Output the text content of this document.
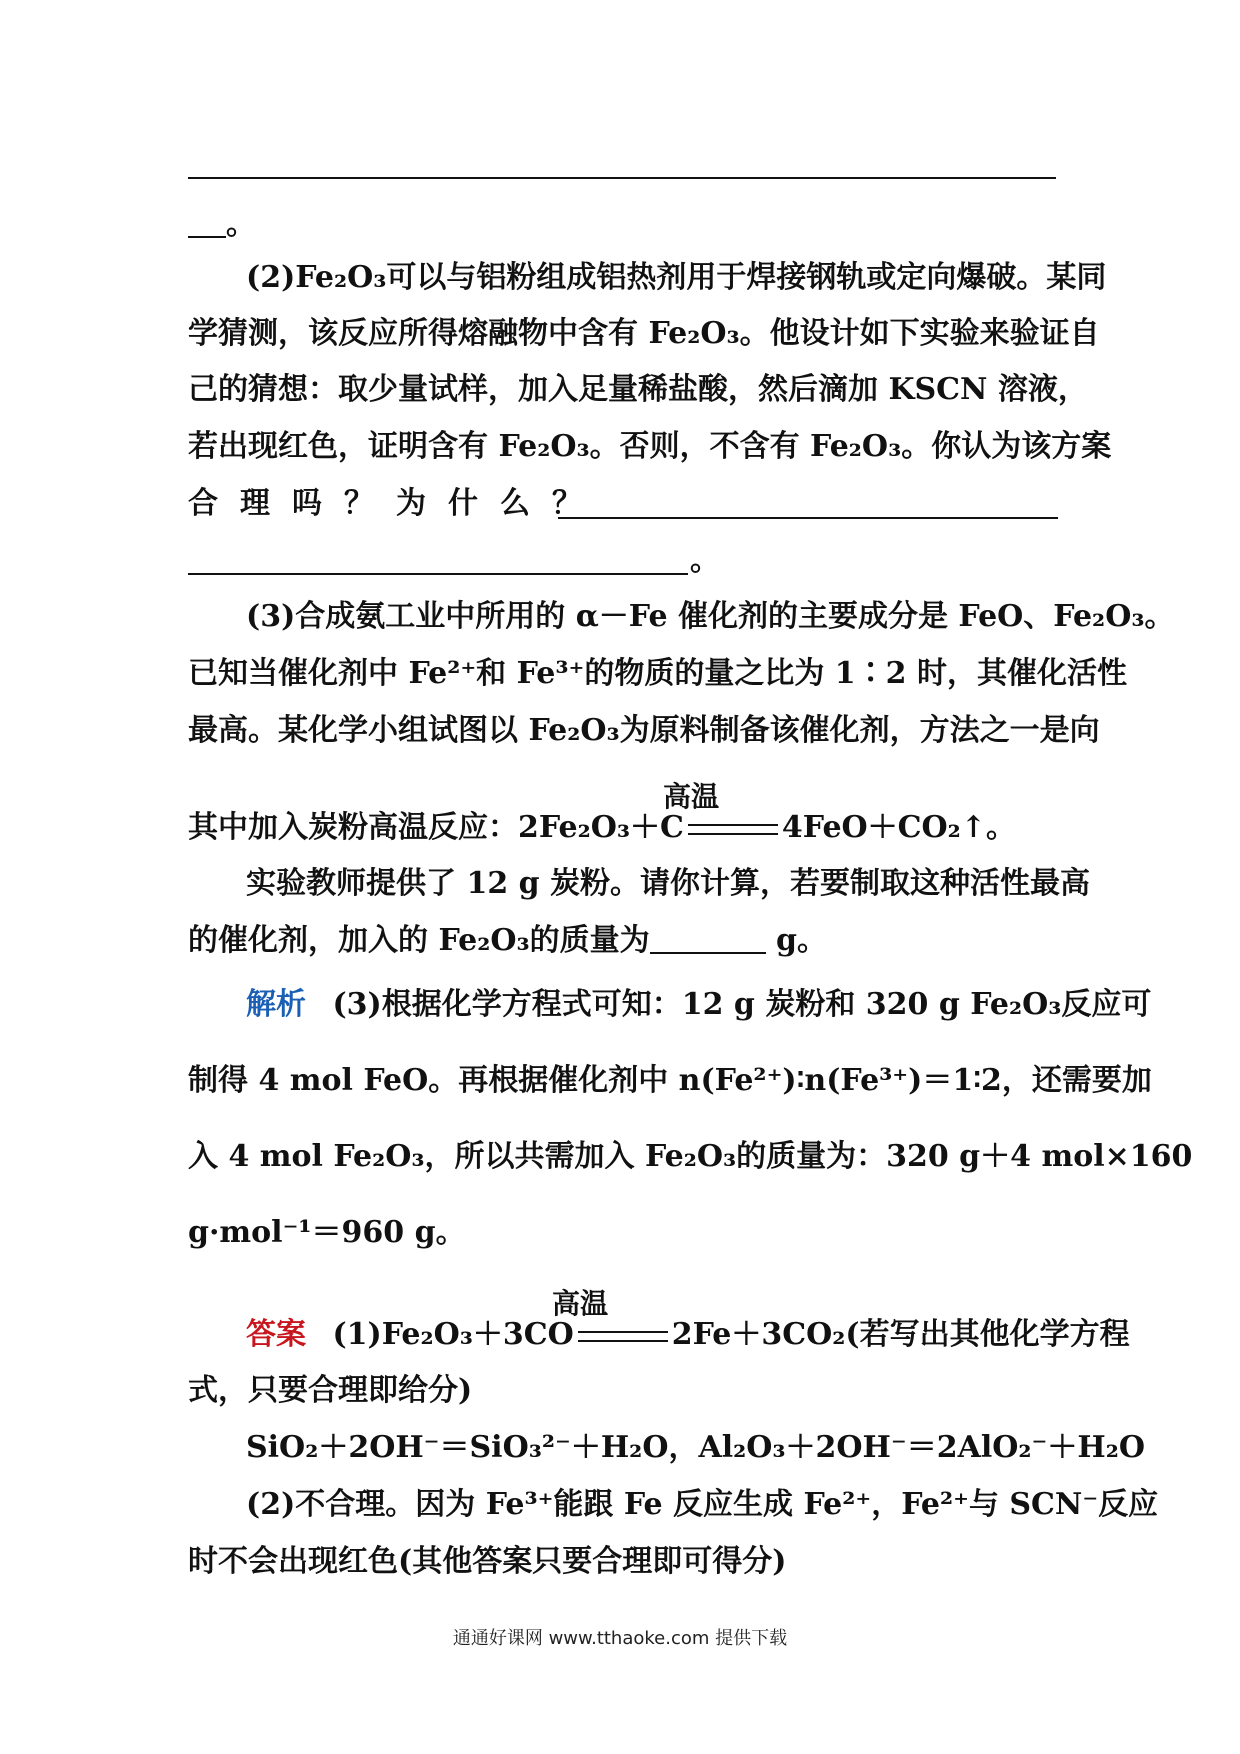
。
(2)Fe₂O₃可以与铝粉组成铝热剂用于焊接钢轨或定向爆破。某同
学猜测，该反应所得熔融物中含有 Fe₂O₃。他设计如下实验来验证自
己的猜想：取少量试样，加入足量稀盐酸，然后滴加 KSCN 溶液，
若出现红色，证明含有 Fe₂O₃。否则，不含有 Fe₂O₃。你认为该方案
合理吗？为什么？
。
(3)合成氨工业中所用的 α－Fe 催化剂的主要成分是 FeO、Fe₂O₃。
已知当催化剂中 Fe²⁺和 Fe³⁺的物质的量之比为 1∶2 时，其催化活性
最高。某化学小组试图以 Fe₂O₃为原料制备该催化剂，方法之一是向
高温
其中加入炭粉高温反应：2Fe₂O₃＋C	4FeO＋CO₂↑。
实验教师提供了 12 g 炭粉。请你计算，若要制取这种活性最高
的催化剂，加入的 Fe₂O₃的质量为	g。
解析 (3)根据化学方程式可知：12 g 炭粉和 320 g Fe₂O₃反应可
制得 4 mol FeO。再根据催化剂中 n(Fe²⁺)∶n(Fe³⁺)＝1∶2，还需要加
入 4 mol Fe₂O₃，所以共需加入 Fe₂O₃的质量为：320 g＋4 mol×160
g·mol⁻¹＝960 g。
高温
答案 (1)Fe₂O₃＋3CO	2Fe＋3CO₂(若写出其他化学方程
式，只要合理即给分)
SiO₂＋2OH⁻＝SiO₃²⁻＋H₂O，Al₂O₃＋2OH⁻＝2AlO₂⁻＋H₂O
(2)不合理。因为 Fe³⁺能跟 Fe 反应生成 Fe²⁺，Fe²⁺与 SCN⁻反应
时不会出现红色(其他答案只要合理即可得分)
通通好课网 www.tthaoke.com 提供下载
